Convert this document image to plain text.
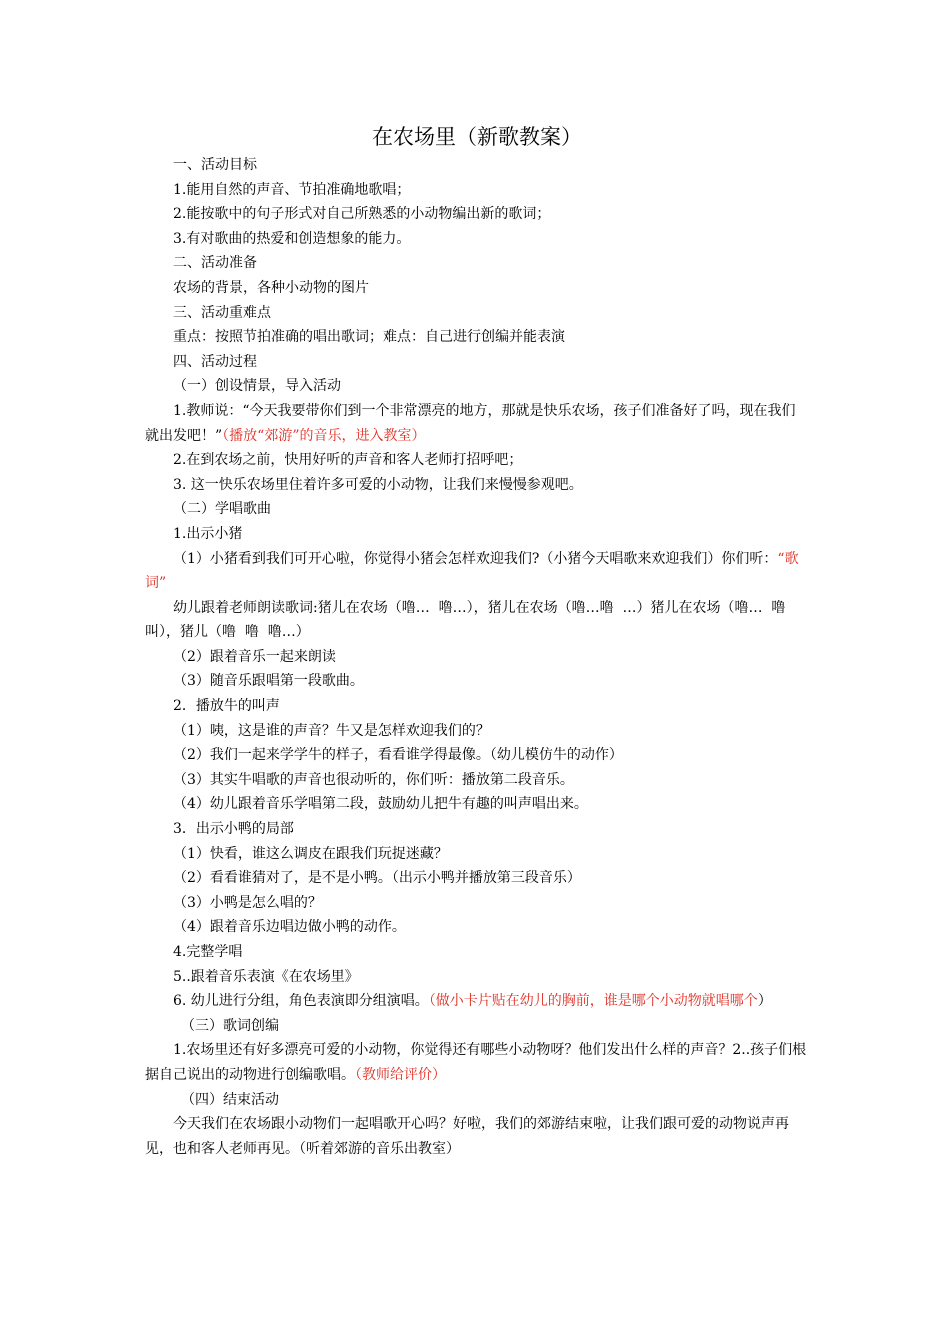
在农场里（新歌教案）

一、活动目标

1.能用自然的声音、节拍准确地歌唱；

2.能按歌中的句子形式对自己所熟悉的小动物编出新的歌词；

3.有对歌曲的热爱和创造想象的能力。

二、活动准备

农场的背景，各种小动物的图片

三、活动重难点

重点：按照节拍准确的唱出歌词；难点：自己进行创编并能表演

四、活动过程

（一）创设情景，导入活动

1.教师说：“今天我要带你们到一个非常漂亮的地方，那就是快乐农场，孩子们准备好了吗，现在我们就出发吧！”（播放“郊游”的音乐，进入教室）

2.在到农场之前，快用好听的声音和客人老师打招呼吧；

3. 这一快乐农场里住着许多可爱的小动物，让我们来慢慢参观吧。

（二）学唱歌曲

1.出示小猪

（1）小猪看到我们可开心啦，你觉得小猪会怎样欢迎我们?（小猪今天唱歌来欢迎我们）你们听：“歌词”

幼儿跟着老师朗读歌词:猪儿在农场（噜…  噜…），猪儿在农场（噜…噜  …）猪儿在农场（噜…  噜叫），猪儿（噜  噜  噜…）

（2）跟着音乐一起来朗读

（3）随音乐跟唱第一段歌曲。

2．播放牛的叫声

（1）咦，这是谁的声音？牛又是怎样欢迎我们的？

（2）我们一起来学学牛的样子，看看谁学得最像。（幼儿模仿牛的动作）

（3）其实牛唱歌的声音也很动听的，你们听：播放第二段音乐。

（4）幼儿跟着音乐学唱第二段，鼓励幼儿把牛有趣的叫声唱出来。

3．出示小鸭的局部

（1）快看，谁这么调皮在跟我们玩捉迷藏？

（2）看看谁猜对了，是不是小鸭。（出示小鸭并播放第三段音乐）

（3）小鸭是怎么唱的？

（4）跟着音乐边唱边做小鸭的动作。

4.完整学唱

5..跟着音乐表演《在农场里》

6. 幼儿进行分组，角色表演即分组演唱。（做小卡片贴在幼儿的胸前，谁是哪个小动物就唱哪个）

（三）歌词创编

1.农场里还有好多漂亮可爱的小动物，你觉得还有哪些小动物呀？他们发出什么样的声音？2..孩子们根据自己说出的动物进行创编歌唱。（教师给评价）

（四）结束活动

今天我们在农场跟小动物们一起唱歌开心吗？好啦，我们的郊游结束啦，让我们跟可爱的动物说声再见，也和客人老师再见。（听着郊游的音乐出教室）
